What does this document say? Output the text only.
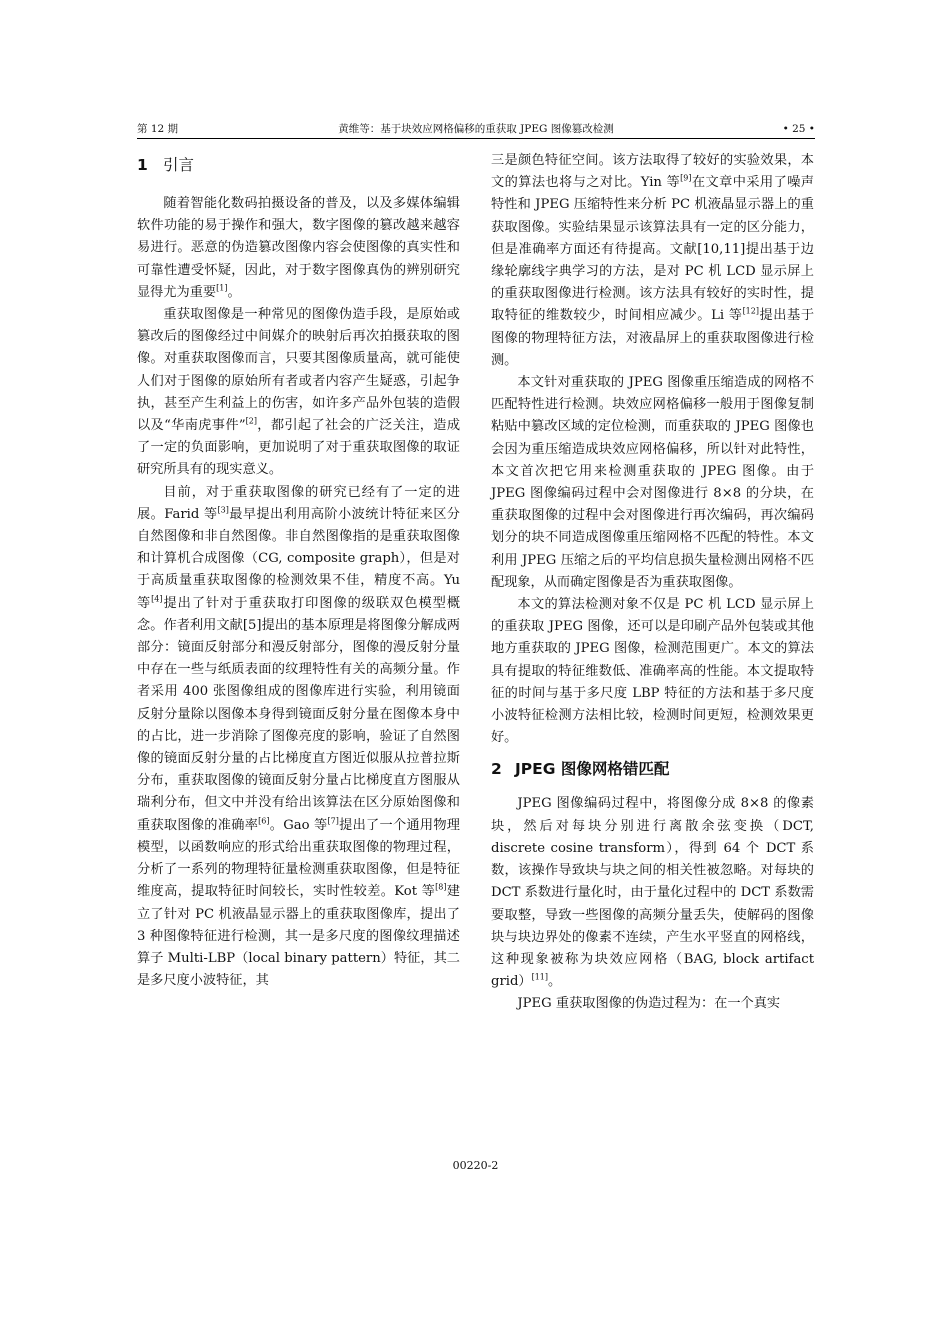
第 12 期	黄维等：基于块效应网格偏移的重获取 JPEG 图像篡改检测	• 25 •
1 引言

随着智能化数码拍摄设备的普及，以及多媒体编辑软件功能的易于操作和强大，数字图像的篡改越来越容易进行。恶意的伪造篡改图像内容会使图像的真实性和可靠性遭受怀疑，因此，对于数字图像真伪的辨别研究显得尤为重要[1]。

重获取图像是一种常见的图像伪造手段，是原始或篡改后的图像经过中间媒介的映射后再次拍摄获取的图像。对重获取图像而言，只要其图像质量高，就可能使人们对于图像的原始所有者或者内容产生疑惑，引起争执，甚至产生利益上的伤害，如许多产品外包装的造假以及“华南虎事件”[2]，都引起了社会的广泛关注，造成了一定的负面影响，更加说明了对于重获取图像的取证研究所具有的现实意义。

目前，对于重获取图像的研究已经有了一定的进展。Farid 等[3]最早提出利用高阶小波统计特征来区分自然图像和非自然图像。非自然图像指的是重获取图像和计算机合成图像（CG, composite graph），但是对于高质量重获取图像的检测效果不佳，精度不高。Yu 等[4]提出了针对于重获取打印图像的级联双色模型概念。作者利用文献[5]提出的基本原理是将图像分解成两部分：镜面反射部分和漫反射部分，图像的漫反射分量中存在一些与纸质表面的纹理特性有关的高频分量。作者采用 400 张图像组成的图像库进行实验，利用镜面反射分量除以图像本身得到镜面反射分量在图像本身中的占比，进一步消除了图像亮度的影响，验证了自然图像的镜面反射分量的占比梯度直方图近似服从拉普拉斯分布，重获取图像的镜面反射分量占比梯度直方图服从瑞利分布，但文中并没有给出该算法在区分原始图像和重获取图像的准确率[6]。Gao 等[7]提出了一个通用物理模型，以函数响应的形式给出重获取图像的物理过程，分析了一系列的物理特征量检测重获取图像，但是特征维度高，提取特征时间较长，实时性较差。Kot 等[8]建立了针对 PC 机液晶显示器上的重获取图像库，提出了 3 种图像特征进行检测，其一是多尺度的图像纹理描述算子 Multi-LBP（local binary pattern）特征，其二是多尺度小波特征，其

三是颜色特征空间。该方法取得了较好的实验效果，本文的算法也将与之对比。Yin 等[9]在文章中采用了噪声特性和 JPEG 压缩特性来分析 PC 机液晶显示器上的重获取图像。实验结果显示该算法具有一定的区分能力，但是准确率方面还有待提高。文献[10,11]提出基于边缘轮廓线字典学习的方法，是对 PC 机 LCD 显示屏上的重获取图像进行检测。该方法具有较好的实时性，提取特征的维数较少，时间相应减少。Li 等[12]提出基于图像的物理特征方法，对液晶屏上的重获取图像进行检测。

本文针对重获取的 JPEG 图像重压缩造成的网格不匹配特性进行检测。块效应网格偏移一般用于图像复制粘贴中篡改区域的定位检测，而重获取的 JPEG 图像也会因为重压缩造成块效应网格偏移，所以针对此特性，本文首次把它用来检测重获取的 JPEG 图像。由于 JPEG 图像编码过程中会对图像进行 8×8 的分块，在重获取图像的过程中会对图像进行再次编码，再次编码划分的块不同造成图像重压缩网格不匹配的特性。本文利用 JPEG 压缩之后的平均信息损失量检测出网格不匹配现象，从而确定图像是否为重获取图像。

本文的算法检测对象不仅是 PC 机 LCD 显示屏上的重获取 JPEG 图像，还可以是印刷产品外包装或其他地方重获取的 JPEG 图像，检测范围更广。本文的算法具有提取的特征维数低、准确率高的性能。本文提取特征的时间与基于多尺度 LBP 特征的方法和基于多尺度小波特征检测方法相比较，检测时间更短，检测效果更好。

2 JPEG 图像网格错匹配

JPEG 图像编码过程中，将图像分成 8×8 的像素块，然后对每块分别进行离散余弦变换（DCT, discrete cosine transform），得到 64 个 DCT 系数，该操作导致块与块之间的相关性被忽略。对每块的 DCT 系数进行量化时，由于量化过程中的 DCT 系数需要取整，导致一些图像的高频分量丢失，使解码的图像块与块边界处的像素不连续，产生水平竖直的网格线，这种现象被称为块效应网格（BAG, block artifact grid）[11]。

JPEG 重获取图像的伪造过程为：在一个真实

00220-2
